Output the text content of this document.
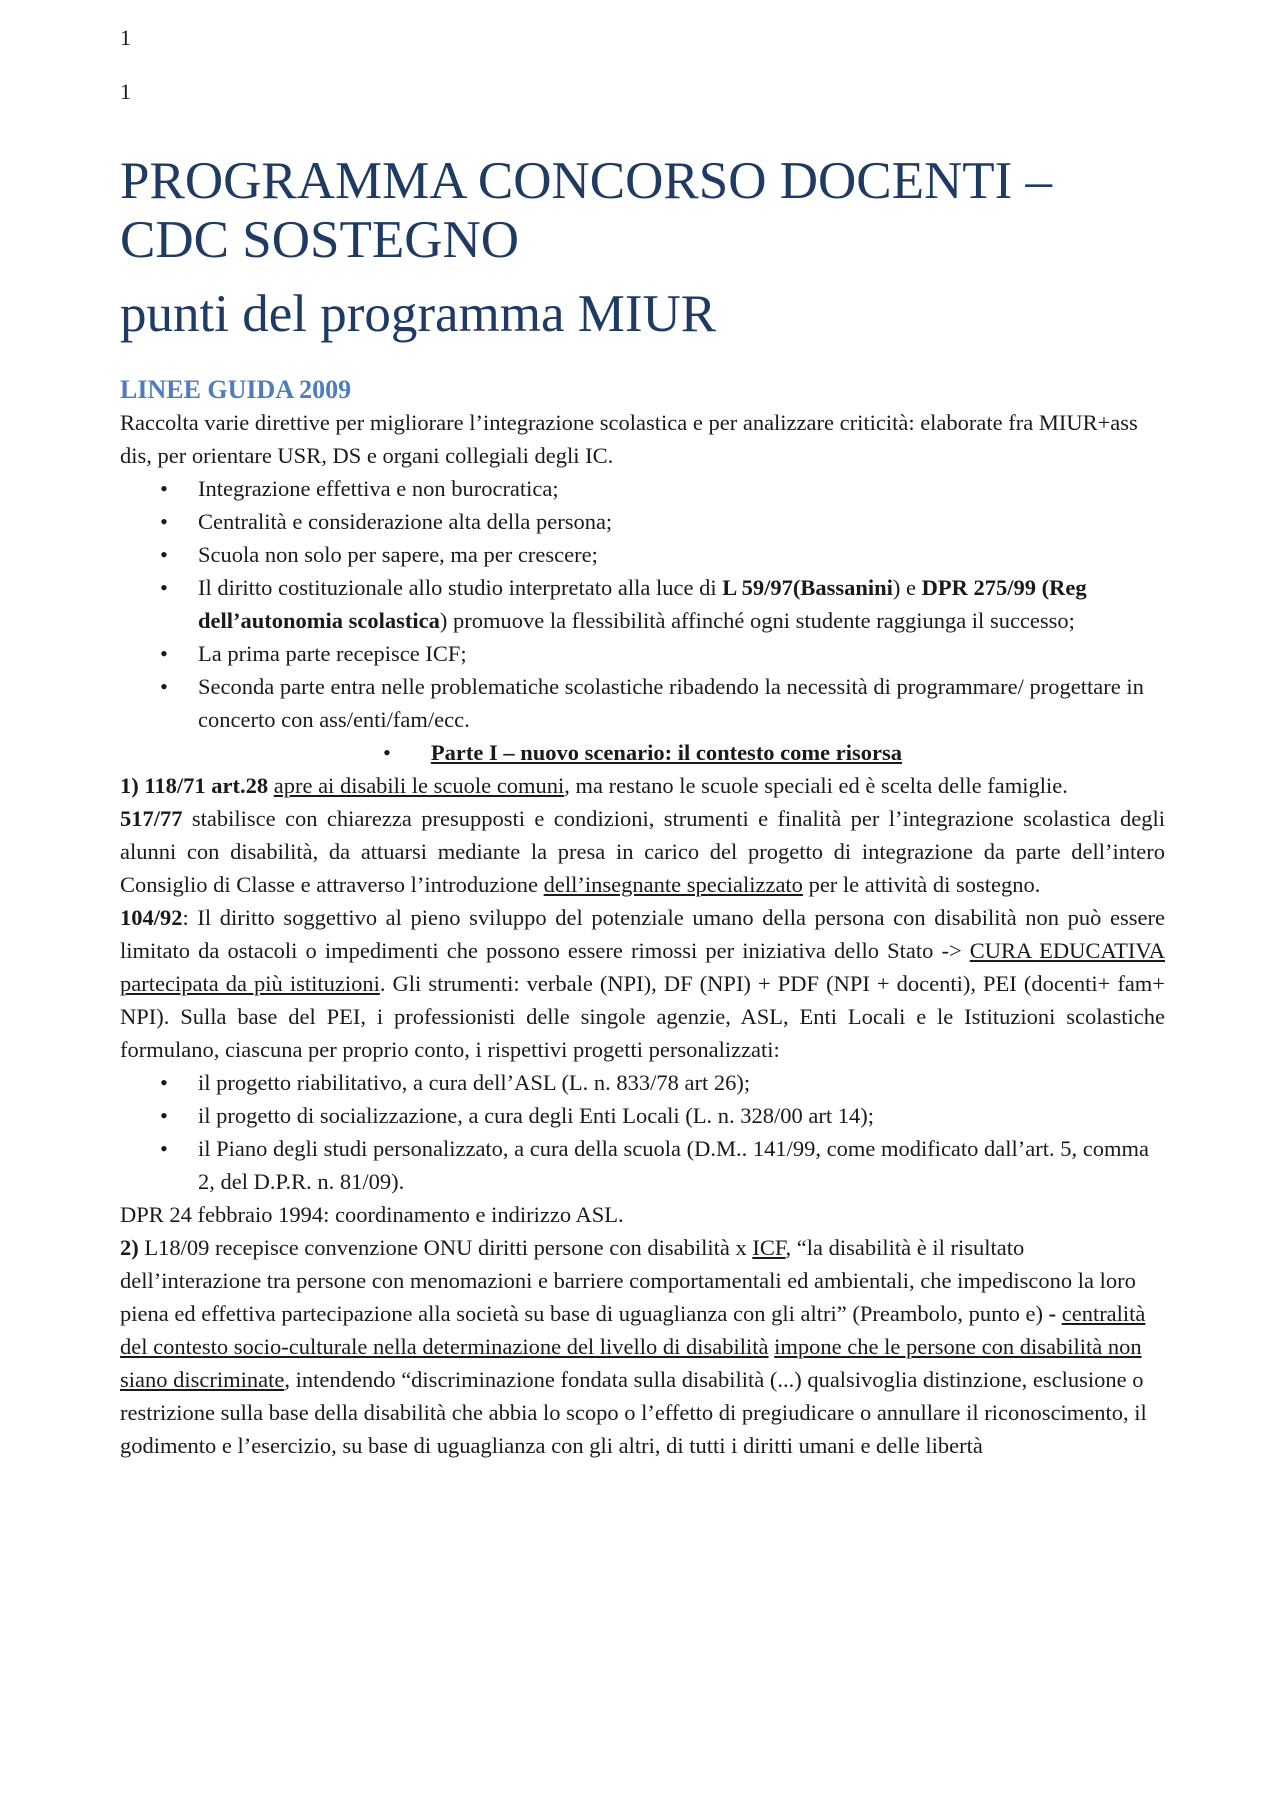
1
1
PROGRAMMA CONCORSO DOCENTI – CDC SOSTEGNO
punti del programma MIUR
LINEE GUIDA 2009

Raccolta varie direttive per migliorare l’integrazione scolastica e per analizzare criticità: elaborate fra MIUR+ass dis, per orientare USR, DS e organi collegiali degli IC.

• Integrazione effettiva e non burocratica;
• Centralità e considerazione alta della persona;
• Scuola non solo per sapere, ma per crescere;
• Il diritto costituzionale allo studio interpretato alla luce di L 59/97(Bassanini) e DPR 275/99 (Reg dell’autonomia scolastica) promuove la flessibilità affinché ogni studente raggiunga il successo;
• La prima parte recepisce ICF;
• Seconda parte entra nelle problematiche scolastiche ribadendo la necessità di programmare/ progettare in concerto con ass/enti/fam/ecc.
• Parte I – nuovo scenario: il contesto come risorsa

1) 118/71 art.28 apre ai disabili le scuole comuni, ma restano le scuole speciali ed è scelta delle famiglie.

517/77 stabilisce con chiarezza presupposti e condizioni, strumenti e finalità per l’integrazione scolastica degli alunni con disabilità, da attuarsi mediante la presa in carico del progetto di integrazione da parte dell’intero Consiglio di Classe e attraverso l’introduzione dell’insegnante specializzato per le attività di sostegno.

104/92: Il diritto soggettivo al pieno sviluppo del potenziale umano della persona con disabilità non può essere limitato da ostacoli o impedimenti che possono essere rimossi per iniziativa dello Stato -> CURA EDUCATIVA partecipata da più istituzioni. Gli strumenti: verbale (NPI), DF (NPI) + PDF (NPI + docenti), PEI (docenti+ fam+ NPI). Sulla base del PEI, i professionisti delle singole agenzie, ASL, Enti Locali e le Istituzioni scolastiche formulano, ciascuna per proprio conto, i rispettivi progetti personalizzati:

• il progetto riabilitativo, a cura dell’ASL (L. n. 833/78 art 26);
• il progetto di socializzazione, a cura degli Enti Locali (L. n. 328/00 art 14);
• il Piano degli studi personalizzato, a cura della scuola (D.M.. 141/99, come modificato dall’art. 5, comma 2, del D.P.R. n. 81/09).

DPR 24 febbraio 1994: coordinamento e indirizzo ASL.

2) L18/09 recepisce convenzione ONU diritti persone con disabilità x ICF, “la disabilità è il risultato dell’interazione tra persone con menomazioni e barriere comportamentali ed ambientali, che impediscono la loro piena ed effettiva partecipazione alla società su base di uguaglianza con gli altri” (Preambolo, punto e) - centralità del contesto socio-culturale nella determinazione del livello di disabilità impone che le persone con disabilità non siano discriminate, intendendo “discriminazione fondata sulla disabilità (...) qualsivoglia distinzione, esclusione o restrizione sulla base della disabilità che abbia lo scopo o l’effetto di pregiudicare o annullare il riconoscimento, il godimento e l’esercizio, su base di uguaglianza con gli altri, di tutti i diritti umani e delle libertà
